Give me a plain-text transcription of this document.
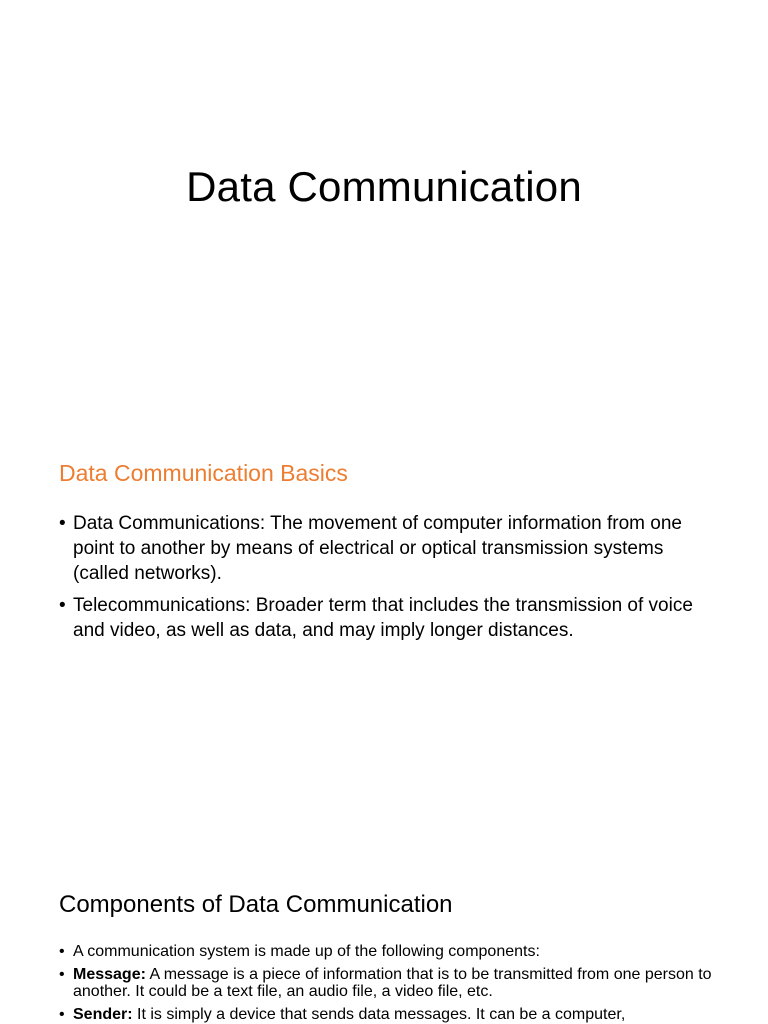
Data Communication
Data Communication Basics
• Data Communications: The movement of computer information from one point to another by means of electrical or optical transmission systems (called networks).
• Telecommunications: Broader term that includes the transmission of voice and video, as well as data, and may imply longer distances.
Components of Data Communication
• A communication system is made up of the following components:
• Message: A message is a piece of information that is to be transmitted from one person to another. It could be a text file, an audio file, a video file, etc.
• Sender: It is simply a device that sends data messages. It can be a computer,
